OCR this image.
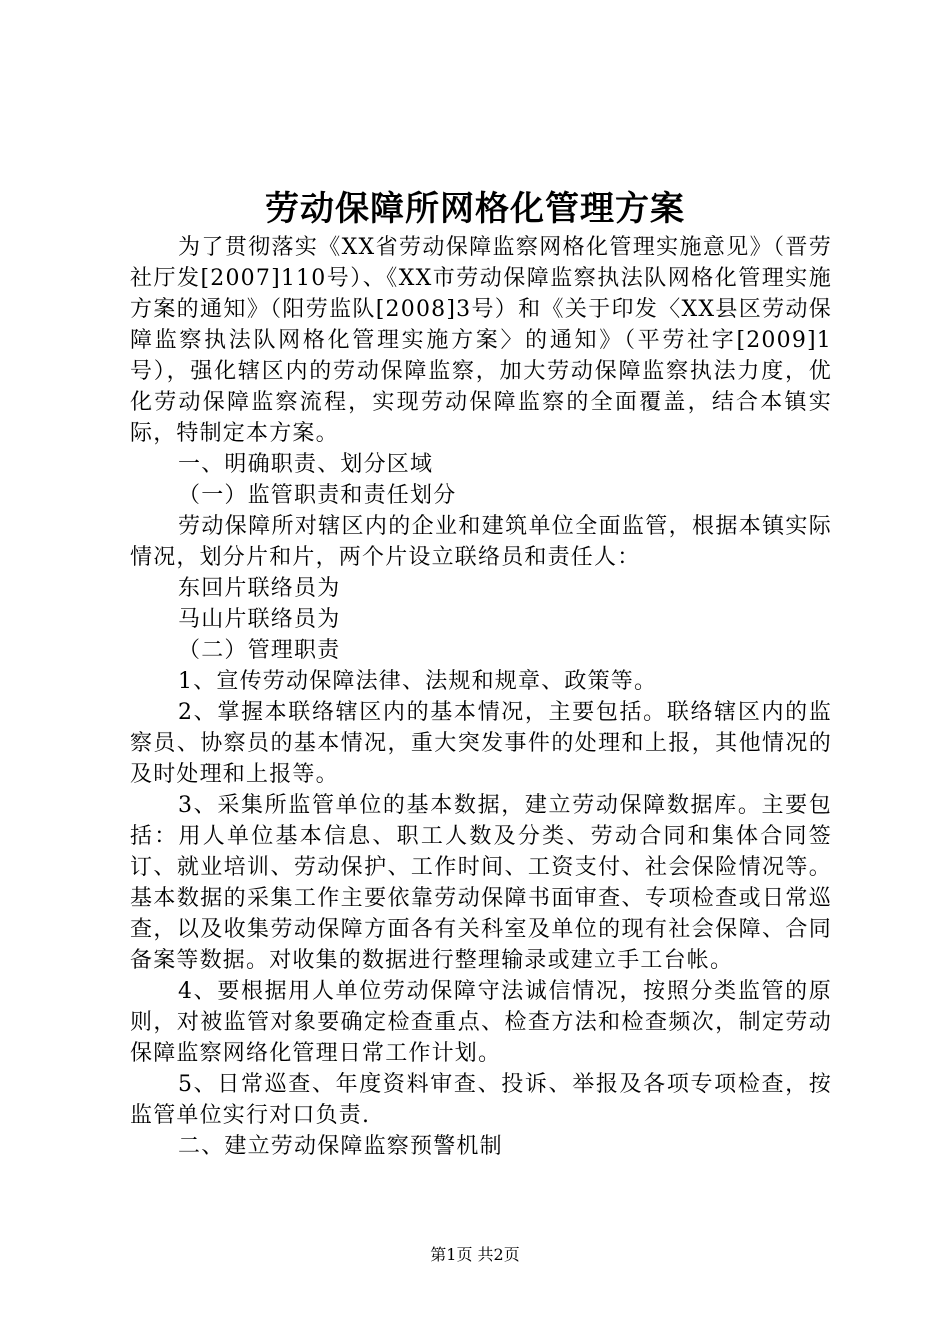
劳动保障所网格化管理方案

为了贯彻落实《XX省劳动保障监察网格化管理实施意见》（晋劳社厅发[2007]110号）、《XX市劳动保障监察执法队网格化管理实施方案的通知》（阳劳监队[2008]3号）和《关于印发〈XX县区劳动保障监察执法队网格化管理实施方案〉的通知》（平劳社字[2009]1号），强化辖区内的劳动保障监察，加大劳动保障监察执法力度，优化劳动保障监察流程，实现劳动保障监察的全面覆盖，结合本镇实际，特制定本方案。

一、明确职责、划分区域

（一）监管职责和责任划分

劳动保障所对辖区内的企业和建筑单位全面监管，根据本镇实际情况，划分片和片，两个片设立联络员和责任人：

东回片联络员为

马山片联络员为

（二）管理职责

1、宣传劳动保障法律、法规和规章、政策等。

2、掌握本联络辖区内的基本情况，主要包括。联络辖区内的监察员、协察员的基本情况，重大突发事件的处理和上报，其他情况的及时处理和上报等。

3、采集所监管单位的基本数据，建立劳动保障数据库。主要包括：用人单位基本信息、职工人数及分类、劳动合同和集体合同签订、就业培训、劳动保护、工作时间、工资支付、社会保险情况等。基本数据的采集工作主要依靠劳动保障书面审查、专项检查或日常巡查，以及收集劳动保障方面各有关科室及单位的现有社会保障、合同备案等数据。对收集的数据进行整理输录或建立手工台帐。

4、要根据用人单位劳动保障守法诚信情况，按照分类监管的原则，对被监管对象要确定检查重点、检查方法和检查频次，制定劳动保障监察网络化管理日常工作计划。

5、日常巡查、年度资料审查、投诉、举报及各项专项检查，按监管单位实行对口负责.

二、建立劳动保障监察预警机制

第1页 共2页
